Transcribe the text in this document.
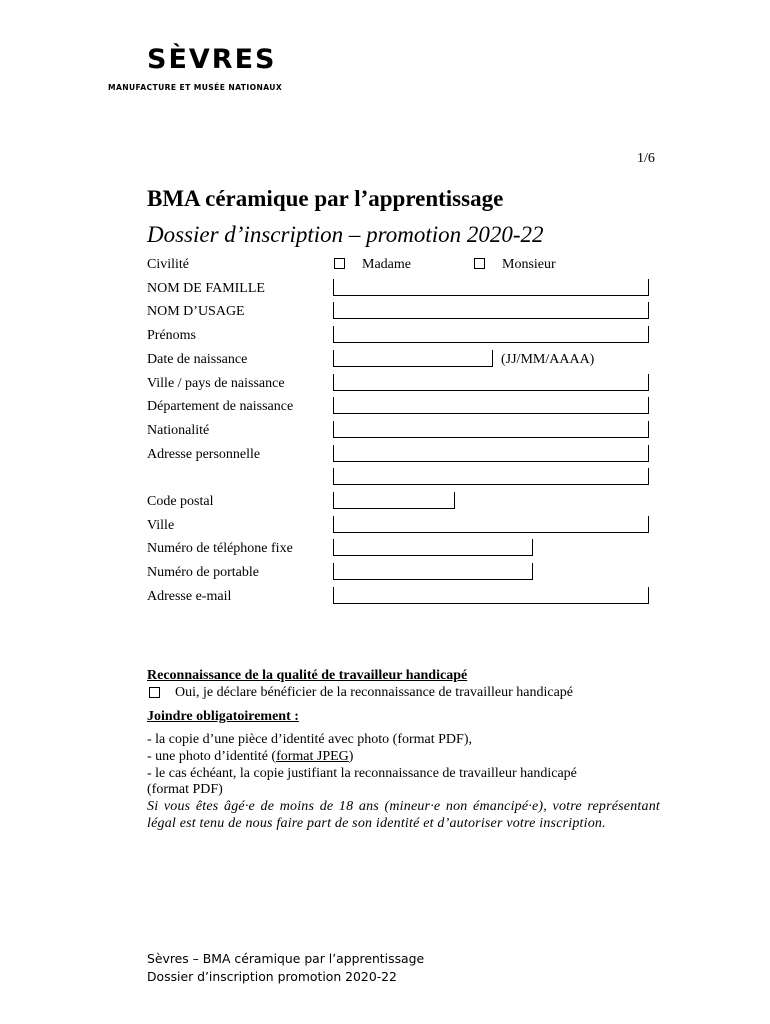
SÈVRES
MANUFACTURE ET MUSÉE NATIONAUX
1/6
BMA céramique par l’apprentissage
Dossier d’inscription – promotion 2020-22
Civilité	Madame	Monsieur
NOM DE FAMILLE
NOM D’USAGE
Prénoms
Date de naissance	(JJ/MM/AAAA)
Ville / pays de naissance
Département de naissance
Nationalité
Adresse personnelle
Code postal
Ville
Numéro de téléphone fixe
Numéro de portable
Adresse e-mail
Reconnaissance de la qualité de travailleur handicapé
Oui, je déclare bénéficier de la reconnaissance de travailleur handicapé
Joindre obligatoirement :
- la copie d’une pièce d’identité avec photo (format PDF),
- une photo d’identité (format JPEG)
- le cas échéant, la copie justifiant la reconnaissance de travailleur handicapé
(format PDF)
Si vous êtes âgé·e de moins de 18 ans (mineur·e non émancipé·e), votre représentant légal est tenu de nous faire part de son identité et d’autoriser votre inscription.
Sèvres – BMA céramique par l’apprentissage
Dossier d’inscription promotion 2020-22
